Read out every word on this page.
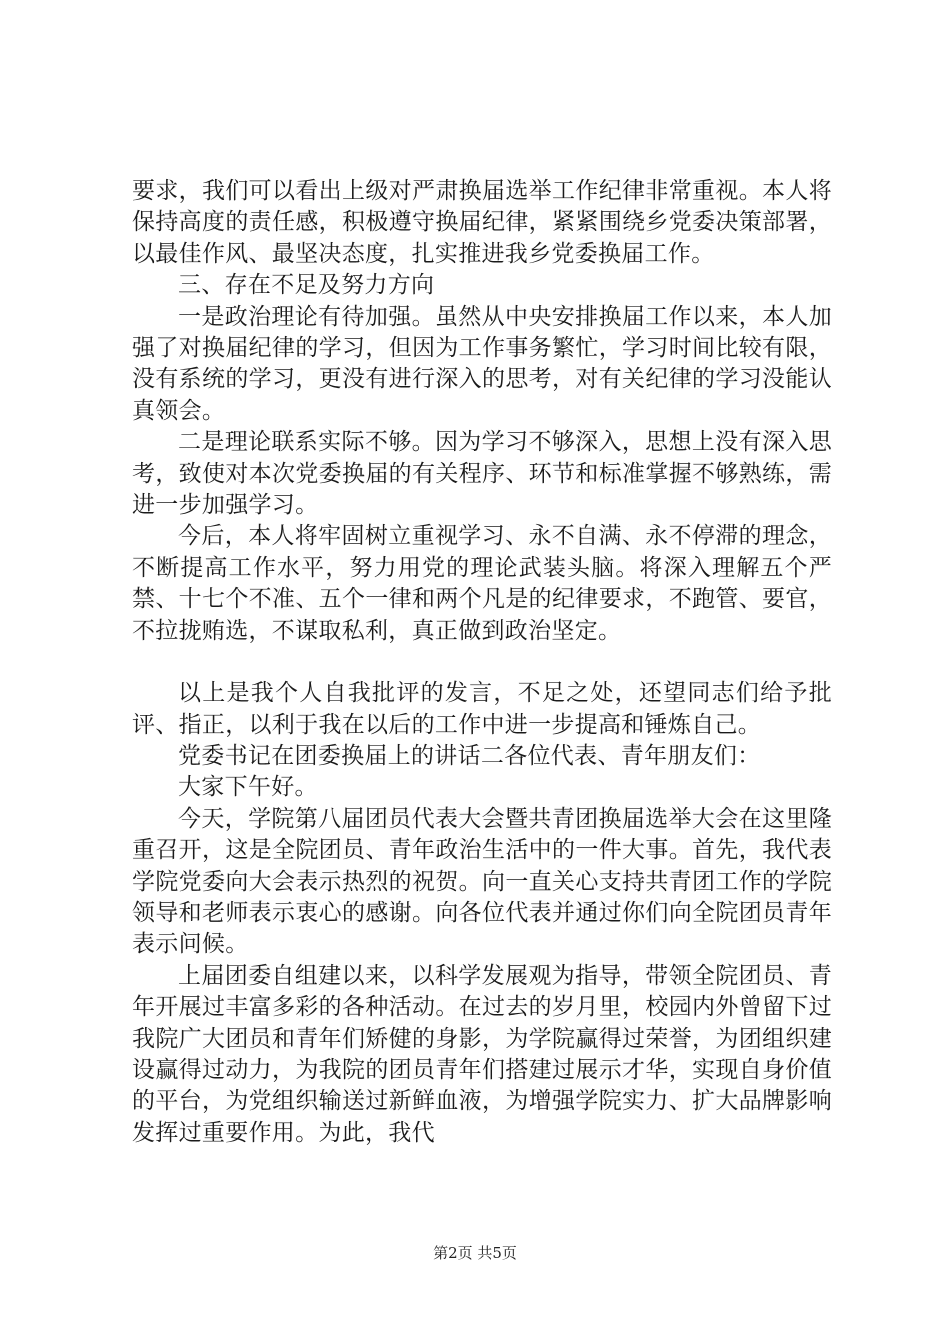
要求，我们可以看出上级对严肃换届选举工作纪律非常重视。本人将保持高度的责任感，积极遵守换届纪律，紧紧围绕乡党委决策部署，以最佳作风、最坚决态度，扎实推进我乡党委换届工作。

三、存在不足及努力方向

一是政治理论有待加强。虽然从中央安排换届工作以来，本人加强了对换届纪律的学习，但因为工作事务繁忙，学习时间比较有限，没有系统的学习，更没有进行深入的思考，对有关纪律的学习没能认真领会。

二是理论联系实际不够。因为学习不够深入，思想上没有深入思考，致使对本次党委换届的有关程序、环节和标准掌握不够熟练，需进一步加强学习。

今后，本人将牢固树立重视学习、永不自满、永不停滞的理念，不断提高工作水平，努力用党的理论武装头脑。将深入理解五个严禁、十七个不准、五个一律和两个凡是的纪律要求，不跑管、要官，不拉拢贿选，不谋取私利，真正做到政治坚定。

以上是我个人自我批评的发言，不足之处，还望同志们给予批评、指正，以利于我在以后的工作中进一步提高和锤炼自己。

党委书记在团委换届上的讲话二各位代表、青年朋友们：

大家下午好。

今天，学院第八届团员代表大会暨共青团换届选举大会在这里隆重召开，这是全院团员、青年政治生活中的一件大事。首先，我代表学院党委向大会表示热烈的祝贺。向一直关心支持共青团工作的学院领导和老师表示衷心的感谢。向各位代表并通过你们向全院团员青年表示问候。

上届团委自组建以来，以科学发展观为指导，带领全院团员、青年开展过丰富多彩的各种活动。在过去的岁月里，校园内外曾留下过我院广大团员和青年们矫健的身影，为学院赢得过荣誉，为团组织建设赢得过动力，为我院的团员青年们搭建过展示才华，实现自身价值的平台，为党组织输送过新鲜血液，为增强学院实力、扩大品牌影响发挥过重要作用。为此，我代

第2页 共5页
